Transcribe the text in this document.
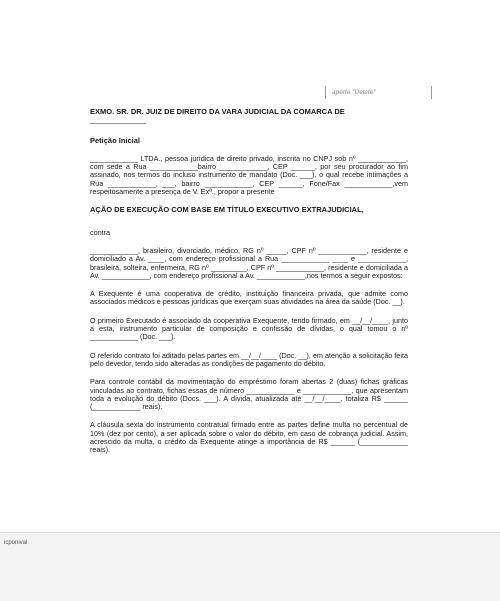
aperte "Delete"

EXMO. SR. DR. JUIZ DE DIREITO DA VARA JUDICIAL DA COMARCA DE

______________

Petição Inicial

____________ LTDA., pessoa jurídica de direito privado, inscrita no CNPJ sob nº ____________, com sede a Rua ____________bairro ____________, CEP ______, por seu procurador ao fim assinado, nos termos do incluso instrumento de mandato (Doc. ___), o qual recebe intimações a Rua ____________, ___, bairro ____________, CEP ______, Fone/Fax ____________,vem respeitosamente a presença de V. Exª., propor a presente

AÇÃO DE EXECUÇÃO COM BASE EM TÍTULO EXECUTIVO EXTRAJUDICIAL,

contra

____________, brasileiro, divorciado, médico, RG nº _____, CPF nº ____________, residente e domiciliado a Av. ____, com endereço profissional a Rua ____________ ____ e ____________, brasileira, solteira, enfermeira, RG nº _________, CPF nº ____________, residente e domiciliada a Av. ____________, com endereço profissional a Av. ____________,nos termos a seguir expostos:

A Exequente é uma cooperativa de crédito, instituição financeira privada, que admite como associados médicos e pessoas jurídicas que exerçam suas atividades na área da saúde (Doc. __).

O primeiro Executado é associado da cooperativa Exequente, tendo firmado, em __/__/____, junto a esta, instrumento particular de composição e confissão de dívidas, o qual tomou o nº ____________ (Doc. ___).

O referido contrato foi aditado pelas partes em __/__/____ (Doc. __), em atenção a solicitação feita pelo devedor, tendo sido alteradas as condições de pagamento do débito.

Para controle contábil da movimentação do empréstimo foram abertas 2 (duas) fichas gráficas vinculadas ao contrato, fichas essas de número ____________ e ____________, que apresentam toda a evolução do débito (Docs. ___). A dívida, atualizada até __/__/____, totaliza R$ ______ (____________ reais).

A cláusula sexta do instrumento contratual firmado entre as partes define multa no percentual de 10% (dez por cento), a ser aplicada sobre o valor do débito, em caso de cobrança judicial. Assim, acrescido da multa, o crédito da Exequente atinge a importância de R$ ______ (____________ reais).

icponival
